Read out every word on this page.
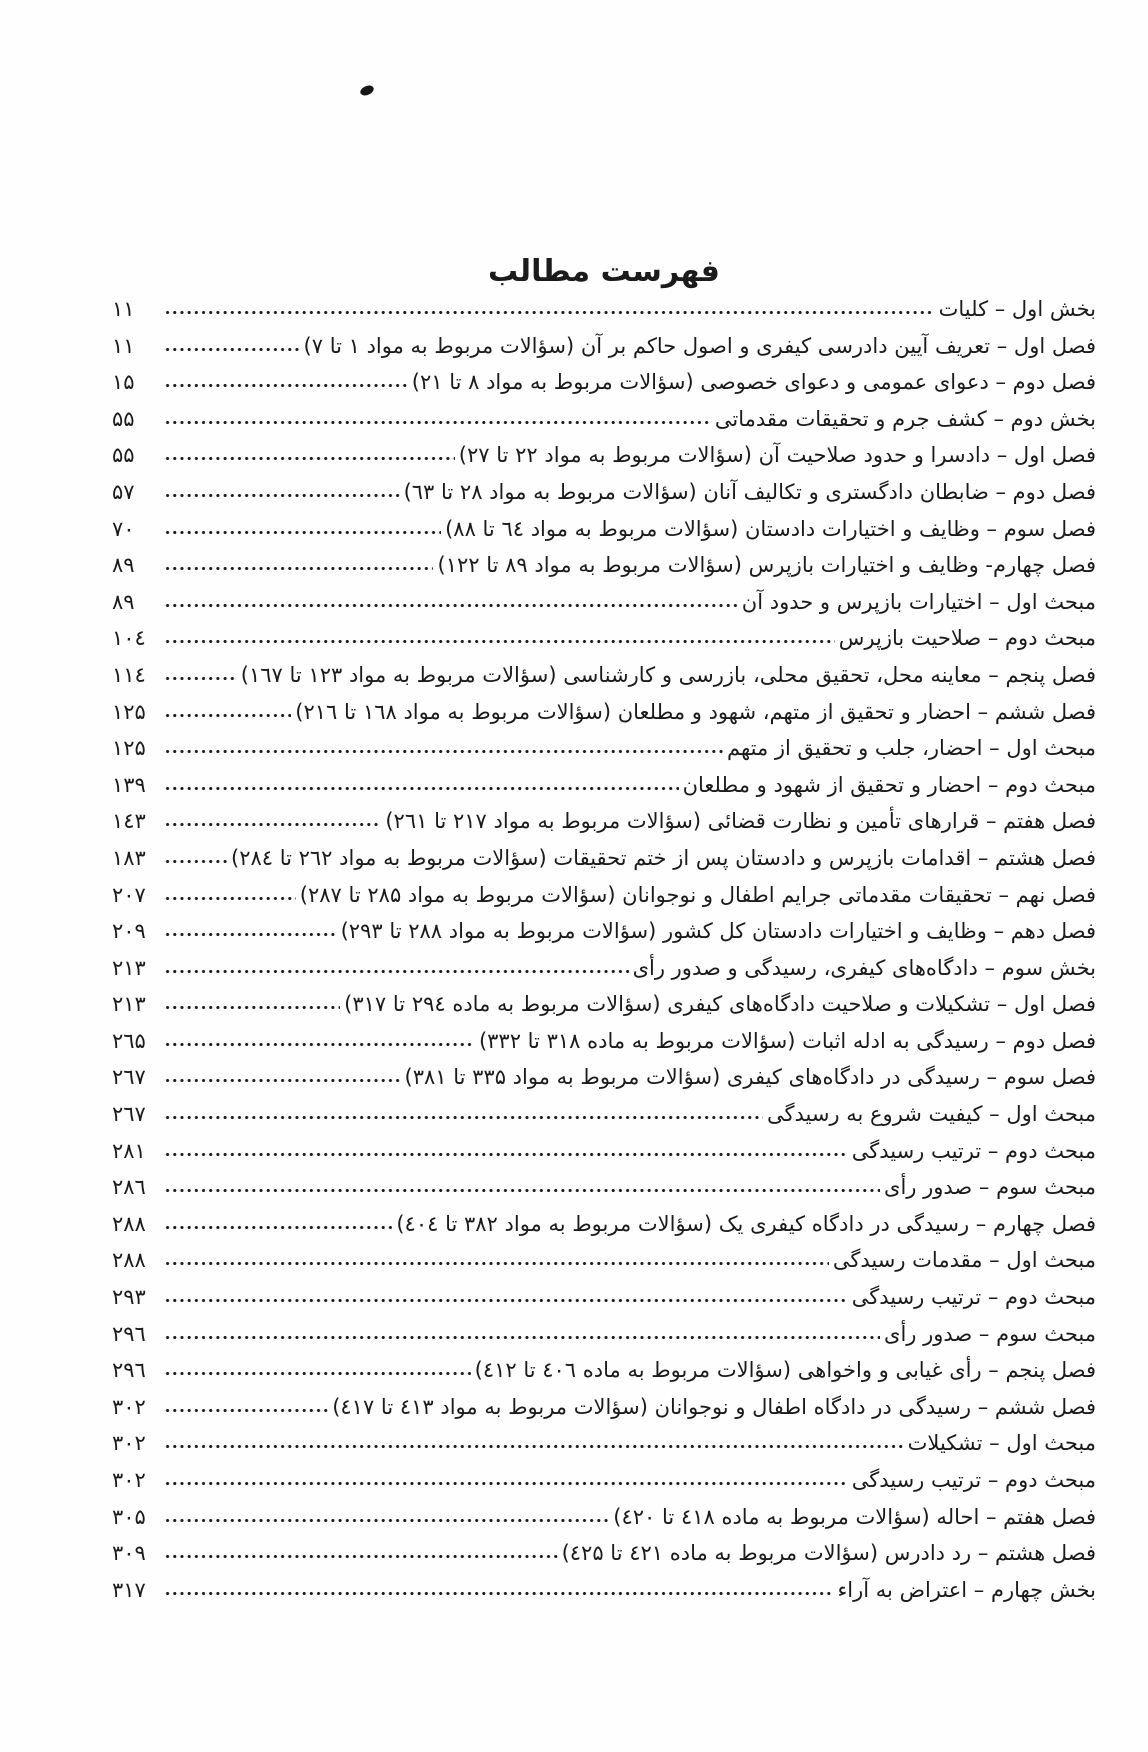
فهرست مطالب
بخش اول – کلیات
۱۱
فصل اول – تعریف آیین دادرسی کیفری و اصول حاکم بر آن (سؤالات مربوط به مواد ۱ تا ۷)
۱۱
فصل دوم – دعوای عمومی و دعوای خصوصی (سؤالات مربوط به مواد ۸ تا ۲۱)
۱۵
بخش دوم – کشف جرم و تحقیقات مقدماتی
۵۵
فصل اول – دادسرا و حدود صلاحیت آن (سؤالات مربوط به مواد ۲۲ تا ۲۷)
۵۵
فصل دوم – ضابطان دادگستری و تکالیف آنان (سؤالات مربوط به مواد ۲۸ تا ٦۳)
۵۷
فصل سوم – وظایف و اختیارات دادستان (سؤالات مربوط به مواد ٦٤ تا ۸۸)
۷۰
فصل چهارم- وظایف و اختیارات بازپرس (سؤالات مربوط به مواد ۸۹ تا ۱۲۲)
۸۹
مبحث اول – اختیارات بازپرس و حدود آن
۸۹
مبحث دوم – صلاحیت بازپرس
۱۰٤
فصل پنجم – معاینه محل، تحقیق محلی، بازرسی و کارشناسی (سؤالات مربوط به مواد ۱۲۳ تا ۱٦۷)
۱۱٤
فصل ششم – احضار و تحقیق از متهم، شهود و مطلعان (سؤالات مربوط به مواد ۱٦۸ تا ۲۱٦)
۱۲۵
مبحث اول – احضار، جلب و تحقیق از متهم
۱۲۵
مبحث دوم – احضار و تحقیق از شهود و مطلعان
۱۳۹
فصل هفتم – قرارهای تأمین و نظارت قضائی (سؤالات مربوط به مواد ۲۱۷ تا ۲٦۱)
۱٤۳
فصل هشتم – اقدامات بازپرس و دادستان پس از ختم تحقیقات (سؤالات مربوط به مواد ۲٦۲ تا ۲۸٤)
۱۸۳
فصل نهم – تحقیقات مقدماتی جرایم اطفال و نوجوانان (سؤالات مربوط به مواد ۲۸۵ تا ۲۸۷)
۲۰۷
فصل دهم – وظایف و اختیارات دادستان کل کشور (سؤالات مربوط به مواد ۲۸۸ تا ۲۹۳)
۲۰۹
بخش سوم – دادگاه‌های کیفری، رسیدگی و صدور رأی
۲۱۳
فصل اول – تشکیلات و صلاحیت دادگاه‌های کیفری (سؤالات مربوط به ماده ۲۹٤ تا ۳۱۷)
۲۱۳
فصل دوم – رسیدگی به ادله اثبات (سؤالات مربوط به ماده ۳۱۸ تا ۳۳۲)
۲٦۵
فصل سوم – رسیدگی در دادگاه‌های کیفری (سؤالات مربوط به مواد ۳۳۵ تا ۳۸۱)
۲٦۷
مبحث اول – کیفیت شروع به رسیدگی
۲٦۷
مبحث دوم – ترتیب رسیدگی
۲۸۱
مبحث سوم – صدور رأی
۲۸٦
فصل چهارم – رسیدگی در دادگاه کیفری یک (سؤالات مربوط به مواد ۳۸۲ تا ٤۰٤)
۲۸۸
مبحث اول – مقدمات رسیدگی
۲۸۸
مبحث دوم – ترتیب رسیدگی
۲۹۳
مبحث سوم – صدور رأی
۲۹٦
فصل پنجم – رأی غیابی و واخواهی (سؤالات مربوط به ماده ٤۰٦ تا ٤۱۲)
۲۹٦
فصل ششم – رسیدگی در دادگاه اطفال و نوجوانان (سؤالات مربوط به مواد ٤۱۳ تا ٤۱۷)
۳۰۲
مبحث اول – تشکیلات
۳۰۲
مبحث دوم – ترتیب رسیدگی
۳۰۲
فصل هفتم – احاله (سؤالات مربوط به ماده ٤۱۸ تا ٤۲۰)
۳۰۵
فصل هشتم – رد دادرس (سؤالات مربوط به ماده ٤۲۱ تا ٤۲۵)
۳۰۹
بخش چهارم – اعتراض به آراء
۳۱۷
